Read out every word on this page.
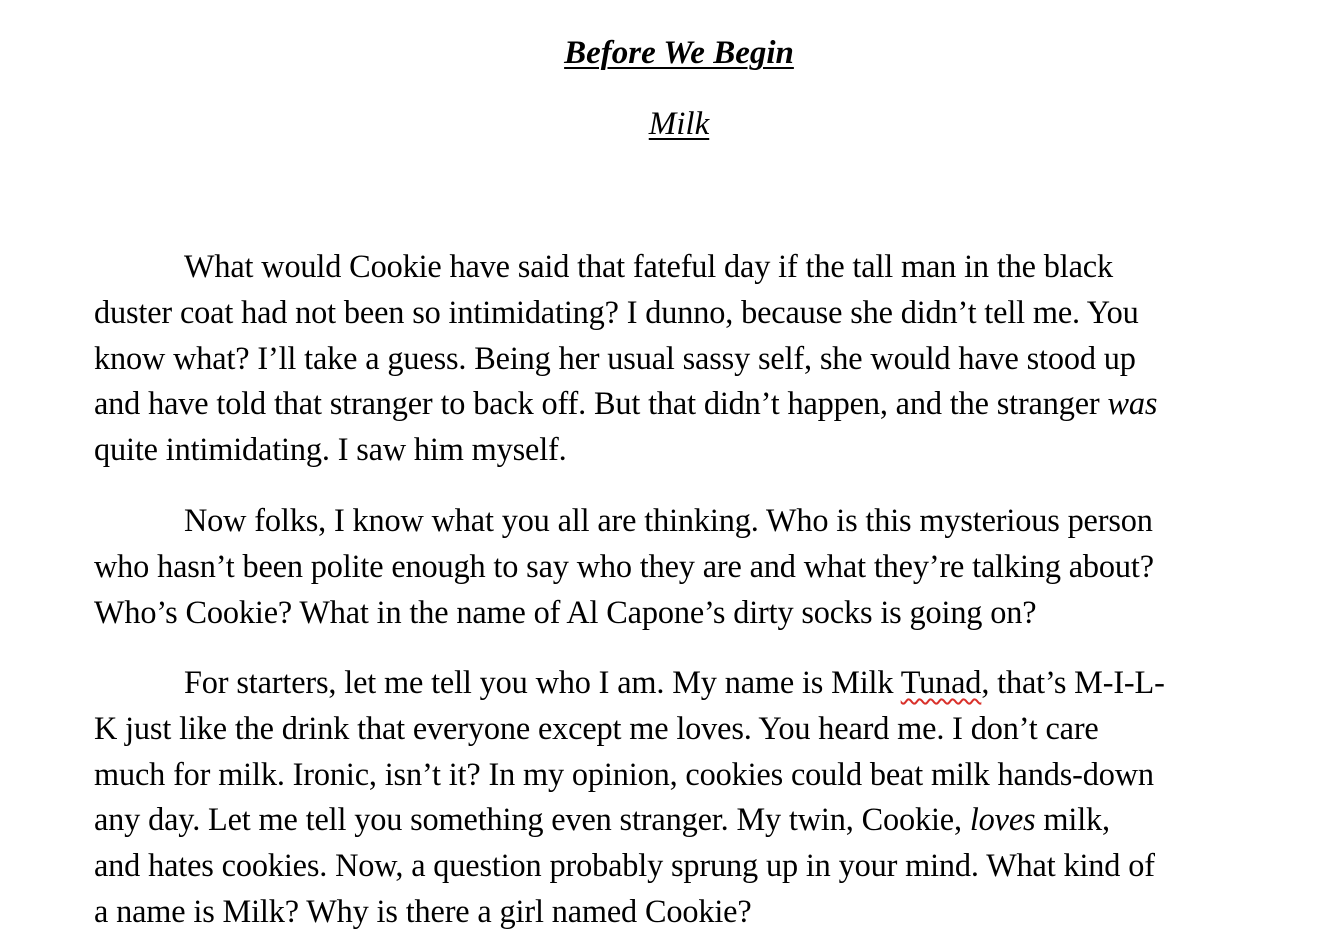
Before We Begin
Milk
What would Cookie have said that fateful day if the tall man in the black
duster coat had not been so intimidating? I dunno, because she didn’t tell me. You
know what? I’ll take a guess. Being her usual sassy self, she would have stood up
and have told that stranger to back off. But that didn’t happen, and the stranger was
quite intimidating. I saw him myself.
Now folks, I know what you all are thinking. Who is this mysterious person
who hasn’t been polite enough to say who they are and what they’re talking about?
Who’s Cookie? What in the name of Al Capone’s dirty socks is going on?
For starters, let me tell you who I am. My name is Milk Tunad, that’s M-I-L-
K just like the drink that everyone except me loves. You heard me. I don’t care
much for milk. Ironic, isn’t it? In my opinion, cookies could beat milk hands-down
any day. Let me tell you something even stranger. My twin, Cookie, loves milk,
and hates cookies. Now, a question probably sprung up in your mind. What kind of
a name is Milk? Why is there a girl named Cookie?
